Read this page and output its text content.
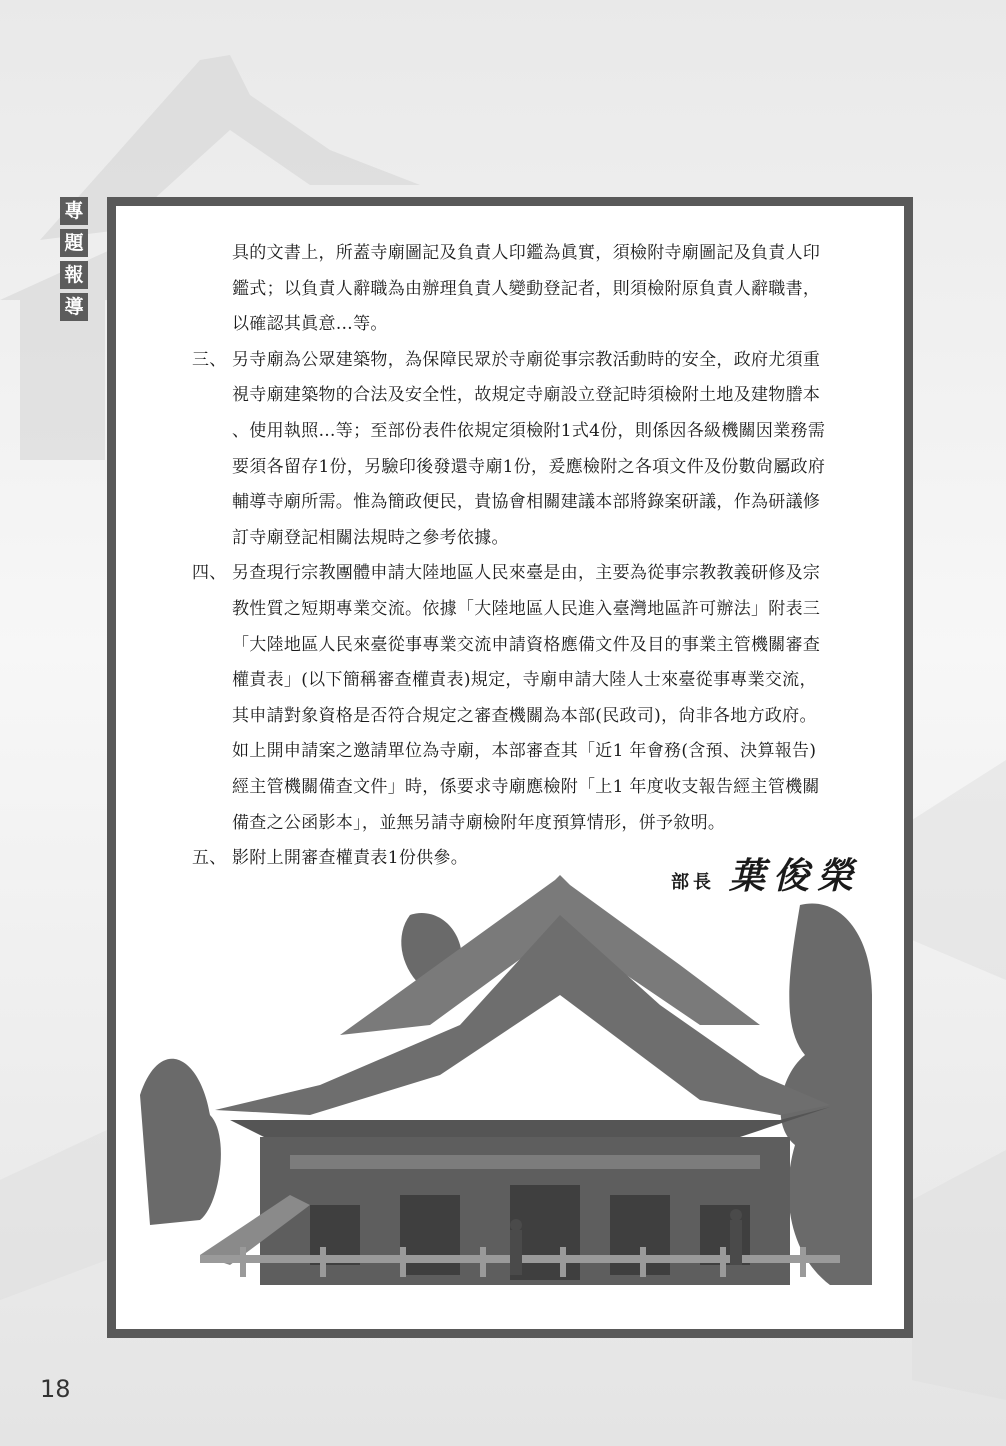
專
題
報
導

具的文書上，所蓋寺廟圖記及負責人印鑑為眞實，須檢附寺廟圖記及負責人印
鑑式；以負責人辭職為由辦理負責人變動登記者，則須檢附原負責人辭職書，
以確認其眞意…等。

三、 另寺廟為公眾建築物，為保障民眾於寺廟從事宗教活動時的安全，政府尤須重
視寺廟建築物的合法及安全性，故規定寺廟設立登記時須檢附土地及建物謄本
、使用執照…等；至部份表件依規定須檢附1式4份，則係因各級機關因業務需
要須各留存1份，另驗印後發還寺廟1份，爰應檢附之各項文件及份數尙屬政府
輔導寺廟所需。惟為簡政便民，貴協會相關建議本部將錄案研議，作為研議修
訂寺廟登記相關法規時之參考依據。

四、 另查現行宗教團體申請大陸地區人民來臺是由，主要為從事宗教教義研修及宗
教性質之短期專業交流。依據「大陸地區人民進入臺灣地區許可辦法」附表三
「大陸地區人民來臺從事專業交流申請資格應備文件及目的事業主管機關審查
權責表」(以下簡稱審查權責表)規定，寺廟申請大陸人士來臺從事專業交流，
其申請對象資格是否符合規定之審查機關為本部(民政司)，尙非各地方政府。
如上開申請案之邀請單位為寺廟，本部審查其「近1 年會務(含預、決算報告)
經主管機關備查文件」時，係要求寺廟應檢附「上1 年度收支報告經主管機關
備查之公函影本」，並無另請寺廟檢附年度預算情形，併予敘明。

五、 影附上開審查權責表1份供參。

部長 葉俊榮
18
